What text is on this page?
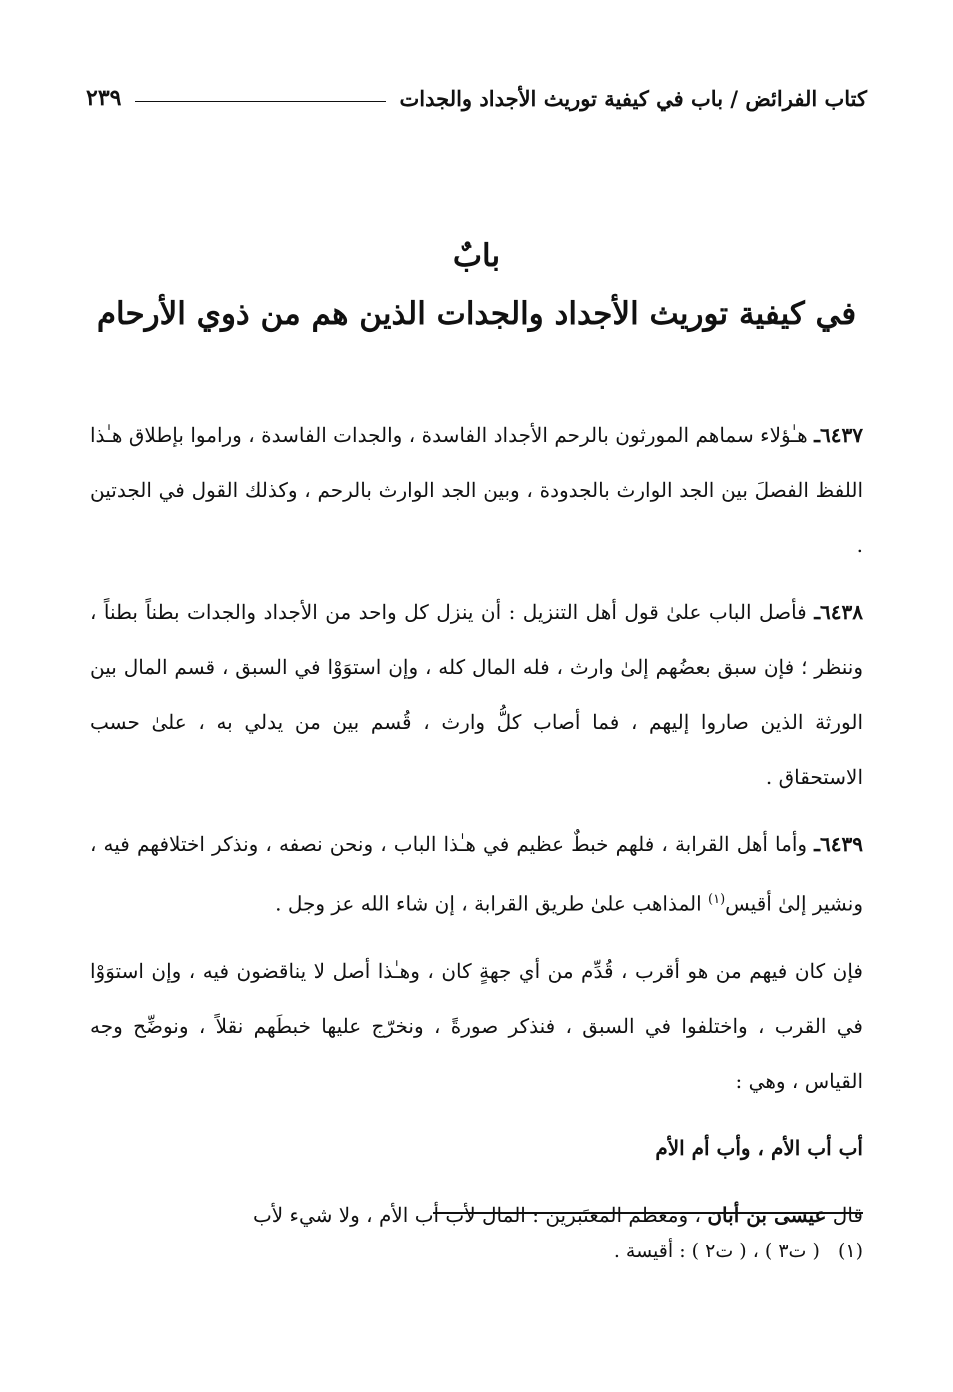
كتاب الفرائض / باب في كيفية توريث الأجداد والجدات
٢٣٩
بابٌ
في كيفية توريث الأجداد والجدات الذين هم من ذوي الأرحام

٦٤٣٧ـ هـٰؤلاء سماهم المورثون بالرحم الأجداد الفاسدة ، والجدات الفاسدة ، وراموا بإطلاق هـٰذا اللفظ الفصلَ بين الجد الوارث بالجدودة ، وبين الجد الوارث بالرحم ، وكذلك القول في الجدتين .

٦٤٣٨ـ فأصل الباب علىٰ قول أهل التنزيل : أن ينزل كل واحد من الأجداد والجدات بطناً بطناً ، وننظر ؛ فإن سبق بعضُهم إلىٰ وارث ، فله المال كله ، وإن استوَوْا في السبق ، قسم المال بين الورثة الذين صاروا إليهم ، فما أصاب كلُّ وارث ، قُسم بين من يدلي به ، علىٰ حسب الاستحقاق .

٦٤٣٩ـ وأما أهل القرابة ، فلهم خبطٌ عظيم في هـٰذا الباب ، ونحن نصفه ، ونذكر اختلافهم فيه ، ونشير إلىٰ أقيس$^{(١)}$ المذاهب علىٰ طريق القرابة ، إن شاء الله عز وجل .

فإن كان فيهم من هو أقرب ، قُدِّم من أي جهةٍ كان ، وهـٰذا أصل لا يناقضون فيه ، وإن استوَوْا في القرب ، واختلفوا في السبق ، فنذكر صورةً ، ونخرّج عليها خبطَهم نقلاً ، ونوضِّح وجه القياس ، وهي :

أب أب الأم ، وأب أم الأم

قال عيسى بن أبان ، ومعظم المعتَبرين : المال لأب أب الأم ، ولا شيء لأب

(١) ( ت٣ ) ، ( ت٢ ) : أقيسة .
